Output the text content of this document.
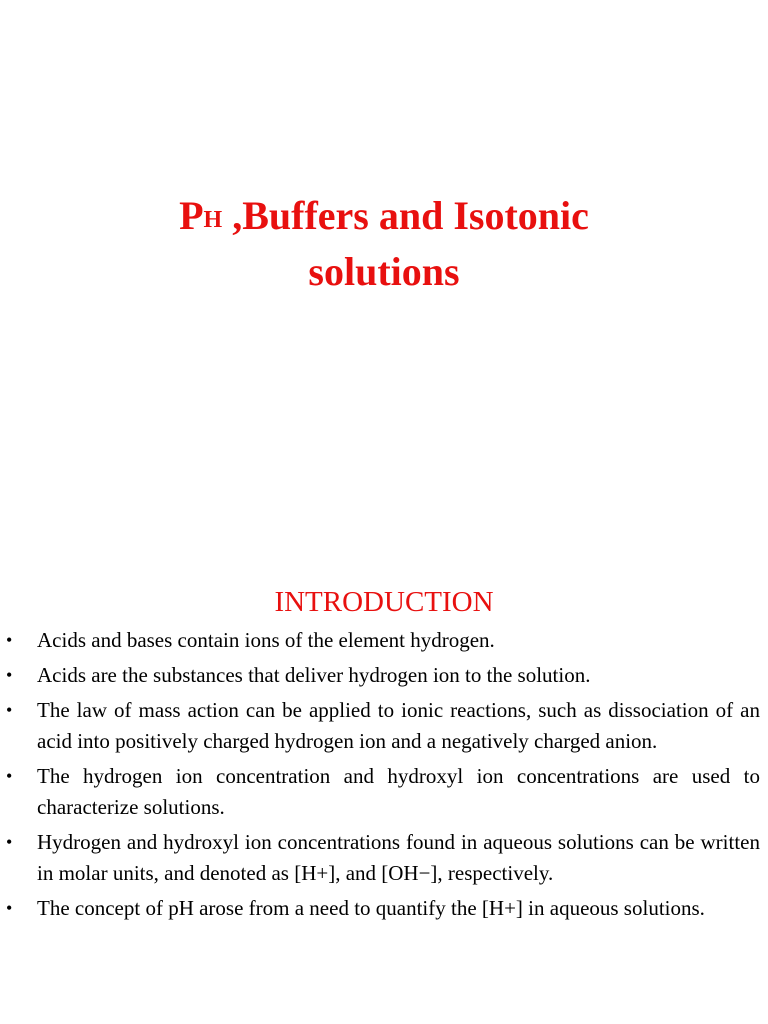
$P^H$ ,Buffers and Isotonic
solutions
INTRODUCTION
• Acids and bases contain ions of the element hydrogen.
• Acids are the substances that deliver hydrogen ion to the solution.
• The law of mass action can be applied to ionic reactions, such as dissociation of an acid into positively charged hydrogen ion and a negatively charged anion.
• The hydrogen ion concentration and hydroxyl ion concentrations are used to characterize solutions.
• Hydrogen and hydroxyl ion concentrations found in aqueous solutions can be written in molar units, and denoted as [H+], and [OH−], respectively.
• The concept of pH arose from a need to quantify the [H+] in aqueous solutions.
